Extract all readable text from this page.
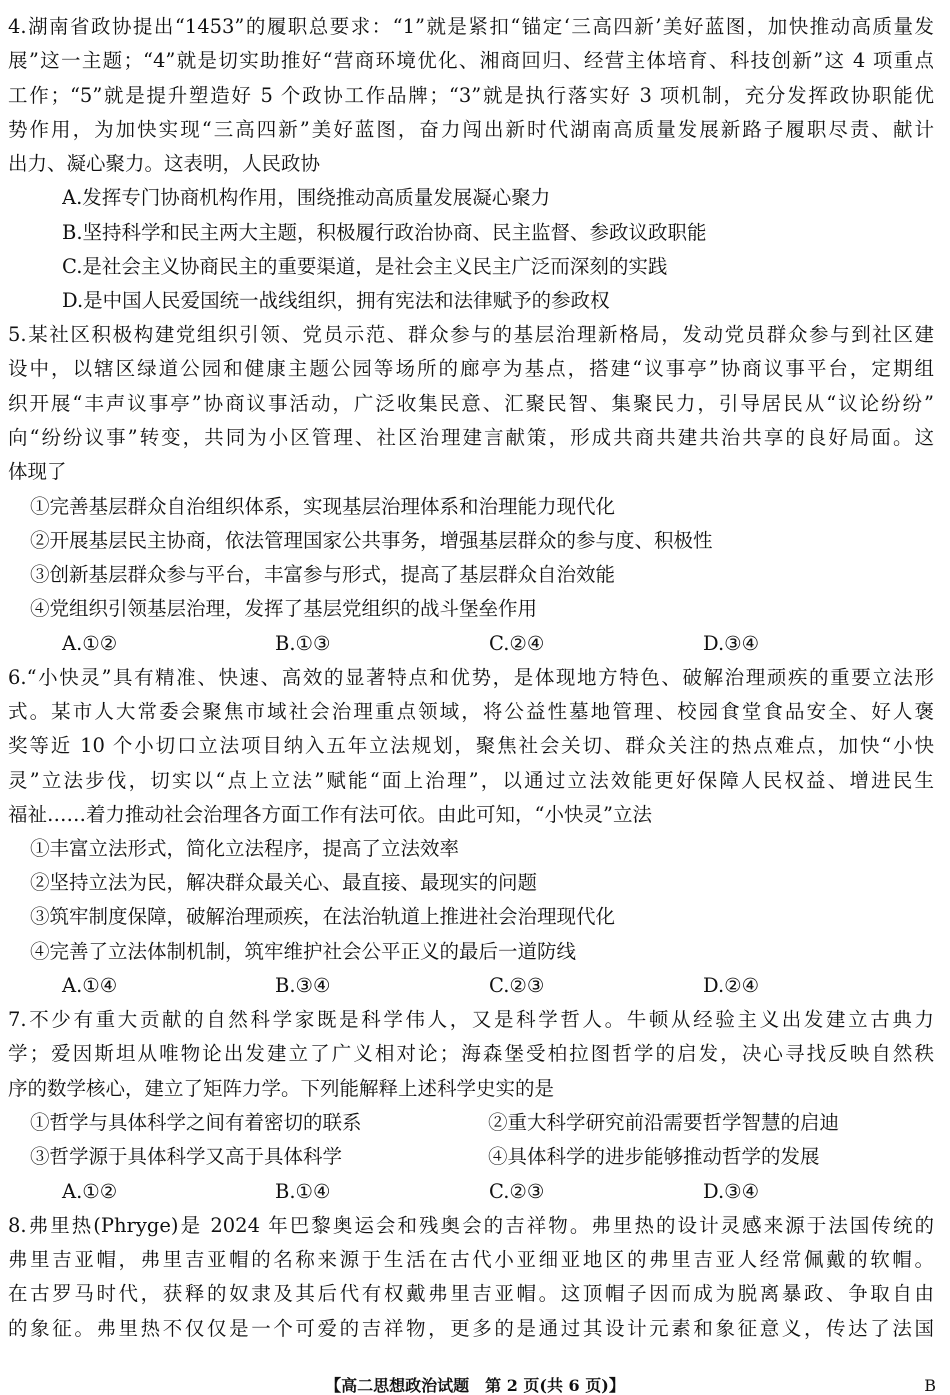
4.湖南省政协提出“1453”的履职总要求：“1”就是紧扣“锚定‘三高四新’美好蓝图，加快推动高质量发
展”这一主题；“4”就是切实助推好“营商环境优化、湘商回归、经营主体培育、科技创新”这 4 项重点
工作；“5”就是提升塑造好 5 个政协工作品牌；“3”就是执行落实好 3 项机制，充分发挥政协职能优
势作用，为加快实现“三高四新”美好蓝图，奋力闯出新时代湖南高质量发展新路子履职尽责、献计
出力、凝心聚力。这表明，人民政协
A.发挥专门协商机构作用，围绕推动高质量发展凝心聚力
B.坚持科学和民主两大主题，积极履行政治协商、民主监督、参政议政职能
C.是社会主义协商民主的重要渠道，是社会主义民主广泛而深刻的实践
D.是中国人民爱国统一战线组织，拥有宪法和法律赋予的参政权
5.某社区积极构建党组织引领、党员示范、群众参与的基层治理新格局，发动党员群众参与到社区建
设中，以辖区绿道公园和健康主题公园等场所的廊亭为基点，搭建“议事亭”协商议事平台，定期组
织开展“丰声议事亭”协商议事活动，广泛收集民意、汇聚民智、集聚民力，引导居民从“议论纷纷”
向“纷纷议事”转变，共同为小区管理、社区治理建言献策，形成共商共建共治共享的良好局面。这
体现了
①完善基层群众自治组织体系，实现基层治理体系和治理能力现代化
②开展基层民主协商，依法管理国家公共事务，增强基层群众的参与度、积极性
③创新基层群众参与平台，丰富参与形式，提高了基层群众自治效能
④党组织引领基层治理，发挥了基层党组织的战斗堡垒作用
A.①②	B.①③	C.②④	D.③④
6.“小快灵”具有精准、快速、高效的显著特点和优势，是体现地方特色、破解治理顽疾的重要立法形
式。某市人大常委会聚焦市域社会治理重点领域，将公益性墓地管理、校园食堂食品安全、好人褒
奖等近 10 个小切口立法项目纳入五年立法规划，聚焦社会关切、群众关注的热点难点，加快“小快
灵”立法步伐，切实以“点上立法”赋能“面上治理”，以通过立法效能更好保障人民权益、增进民生
福祉……着力推动社会治理各方面工作有法可依。由此可知，“小快灵”立法
①丰富立法形式，简化立法程序，提高了立法效率
②坚持立法为民，解决群众最关心、最直接、最现实的问题
③筑牢制度保障，破解治理顽疾，在法治轨道上推进社会治理现代化
④完善了立法体制机制，筑牢维护社会公平正义的最后一道防线
A.①④	B.③④	C.②③	D.②④
7.不少有重大贡献的自然科学家既是科学伟人，又是科学哲人。牛顿从经验主义出发建立古典力
学；爱因斯坦从唯物论出发建立了广义相对论；海森堡受柏拉图哲学的启发，决心寻找反映自然秩
序的数学核心，建立了矩阵力学。下列能解释上述科学史实的是
①哲学与具体科学之间有着密切的联系	②重大科学研究前沿需要哲学智慧的启迪
③哲学源于具体科学又高于具体科学	④具体科学的进步能够推动哲学的发展
A.①②	B.①④	C.②③	D.③④
8.弗里热(Phryge)是 2024 年巴黎奥运会和残奥会的吉祥物。弗里热的设计灵感来源于法国传统的
弗里吉亚帽，弗里吉亚帽的名称来源于生活在古代小亚细亚地区的弗里吉亚人经常佩戴的软帽。
在古罗马时代，获释的奴隶及其后代有权戴弗里吉亚帽。这顶帽子因而成为脱离暴政、争取自由
的象征。弗里热不仅仅是一个可爱的吉祥物，更多的是通过其设计元素和象征意义，传达了法国
【高二思想政治试题　第 2 页(共 6 页)】	B
